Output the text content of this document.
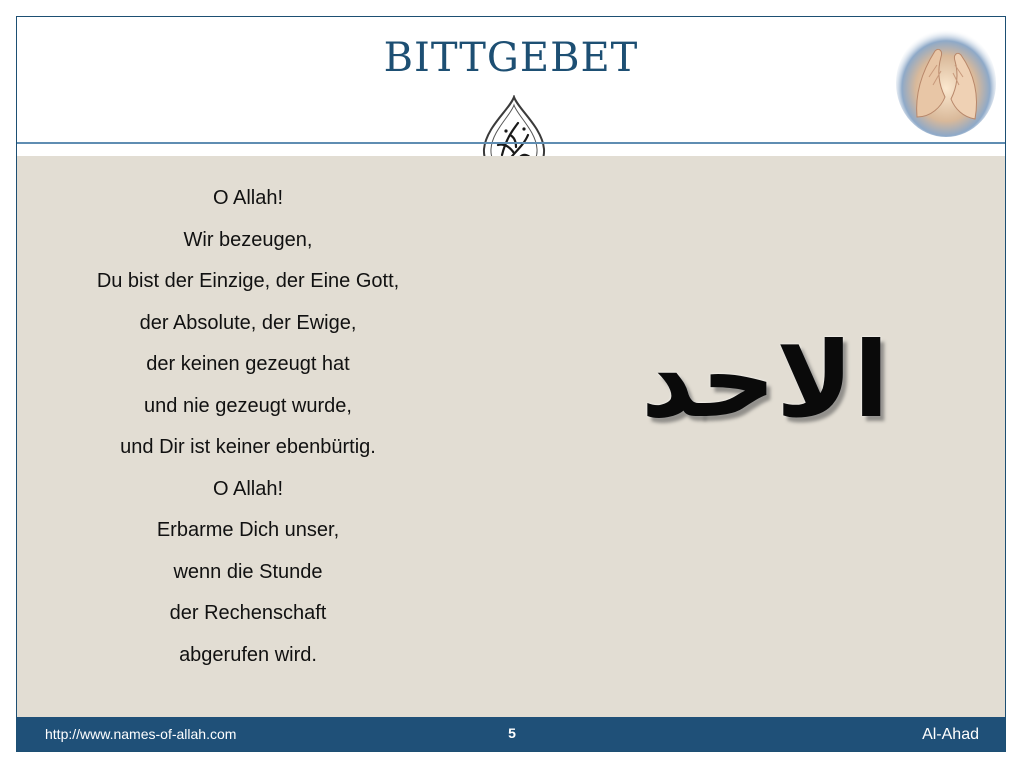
BITTGEBET
http://www.names-of-allah.com	5	Al-Ahad
O Allah!
Wir bezeugen,
Du bist der Einzige, der Eine Gott,
der Absolute, der Ewige,
der keinen gezeugt hat
und nie gezeugt wurde,
und Dir ist keiner ebenbürtig.
O Allah!
Erbarme Dich unser,
wenn die Stunde
der Rechenschaft
abgerufen wird.
الاحد
